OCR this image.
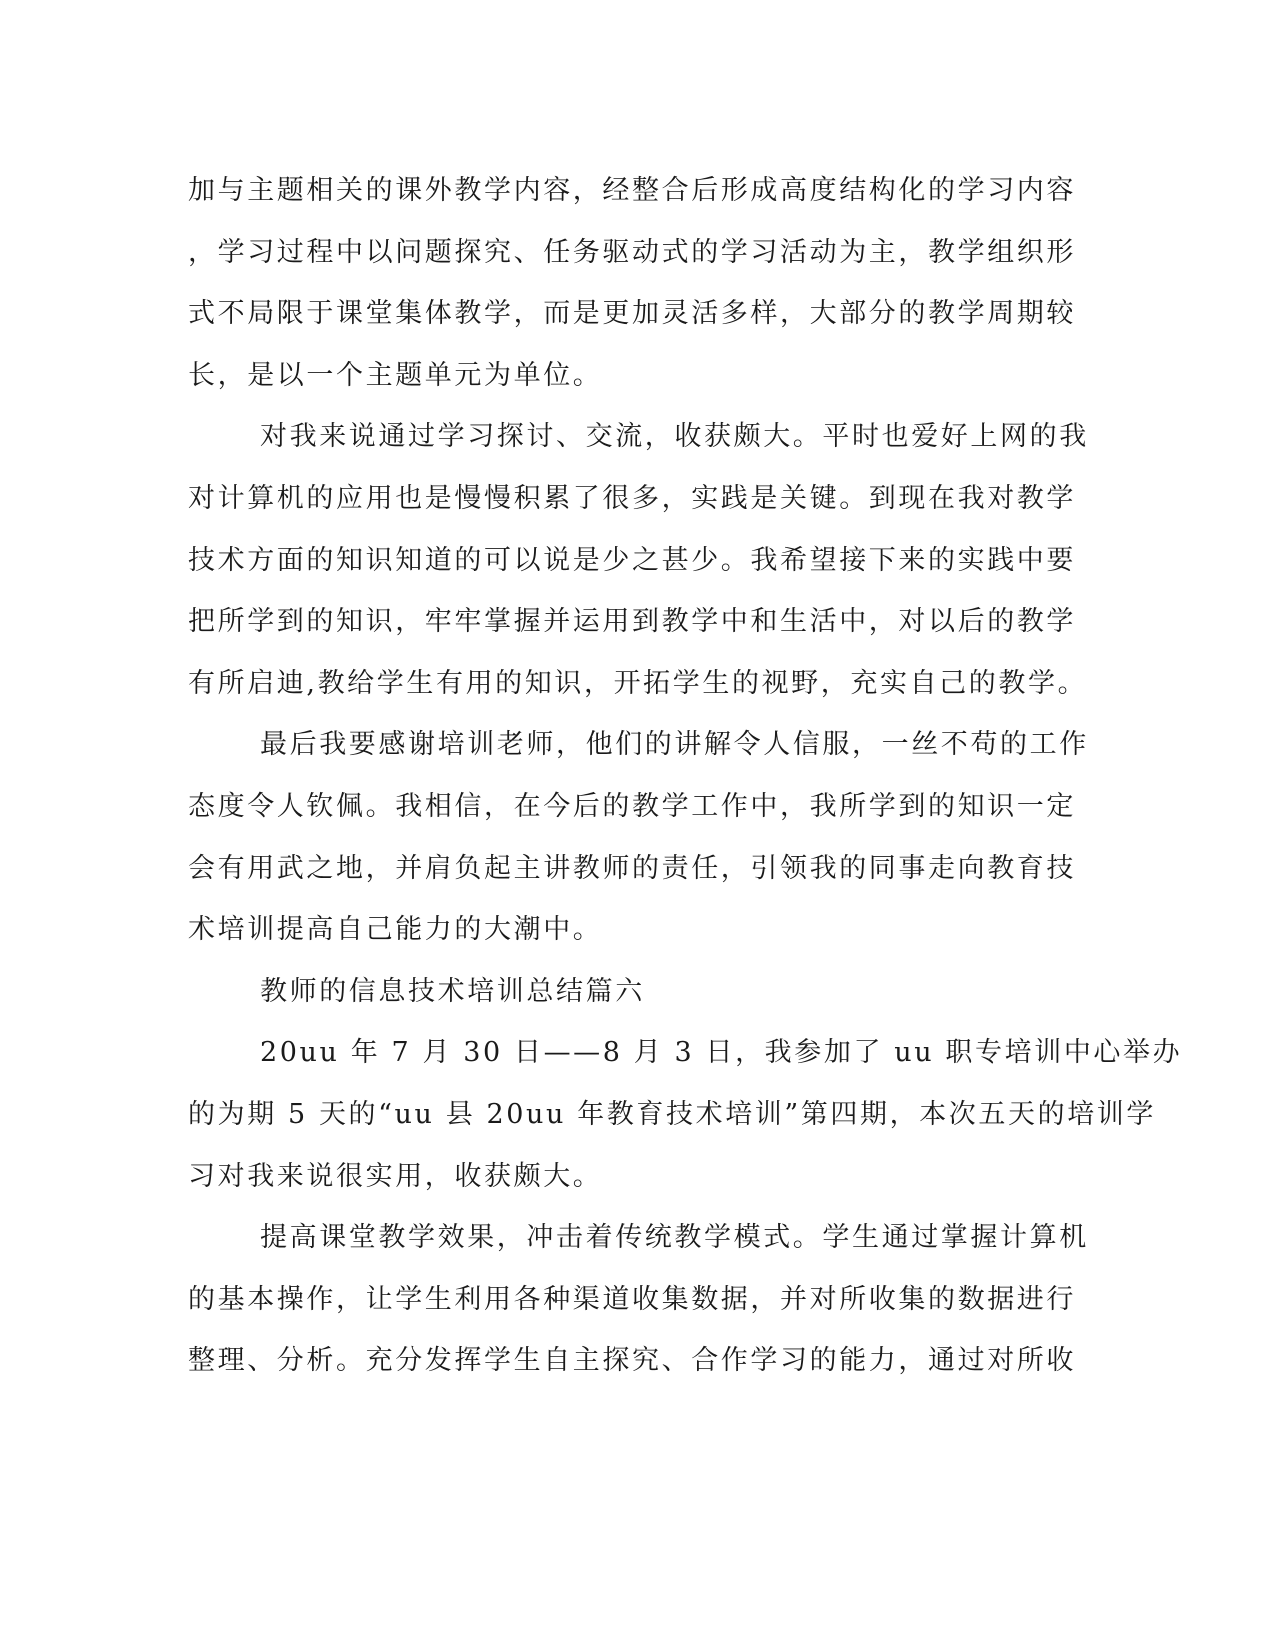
加与主题相关的课外教学内容，经整合后形成高度结构化的学习内容
，学习过程中以问题探究、任务驱动式的学习活动为主，教学组织形
式不局限于课堂集体教学，而是更加灵活多样，大部分的教学周期较
长，是以一个主题单元为单位。
对我来说通过学习探讨、交流，收获颇大。平时也爱好上网的我
对计算机的应用也是慢慢积累了很多，实践是关键。到现在我对教学
技术方面的知识知道的可以说是少之甚少。我希望接下来的实践中要
把所学到的知识，牢牢掌握并运用到教学中和生活中，对以后的教学
有所启迪,教给学生有用的知识，开拓学生的视野，充实自己的教学。
最后我要感谢培训老师，他们的讲解令人信服，一丝不苟的工作
态度令人钦佩。我相信，在今后的教学工作中，我所学到的知识一定
会有用武之地，并肩负起主讲教师的责任，引领我的同事走向教育技
术培训提高自己能力的大潮中。
教师的信息技术培训总结篇六
20uu 年 7 月 30 日——8 月 3 日，我参加了 uu 职专培训中心举办
的为期 5 天的“uu 县 20uu 年教育技术培训”第四期，本次五天的培训学
习对我来说很实用，收获颇大。
提高课堂教学效果，冲击着传统教学模式。学生通过掌握计算机
的基本操作，让学生利用各种渠道收集数据，并对所收集的数据进行
整理、分析。充分发挥学生自主探究、合作学习的能力，通过对所收
